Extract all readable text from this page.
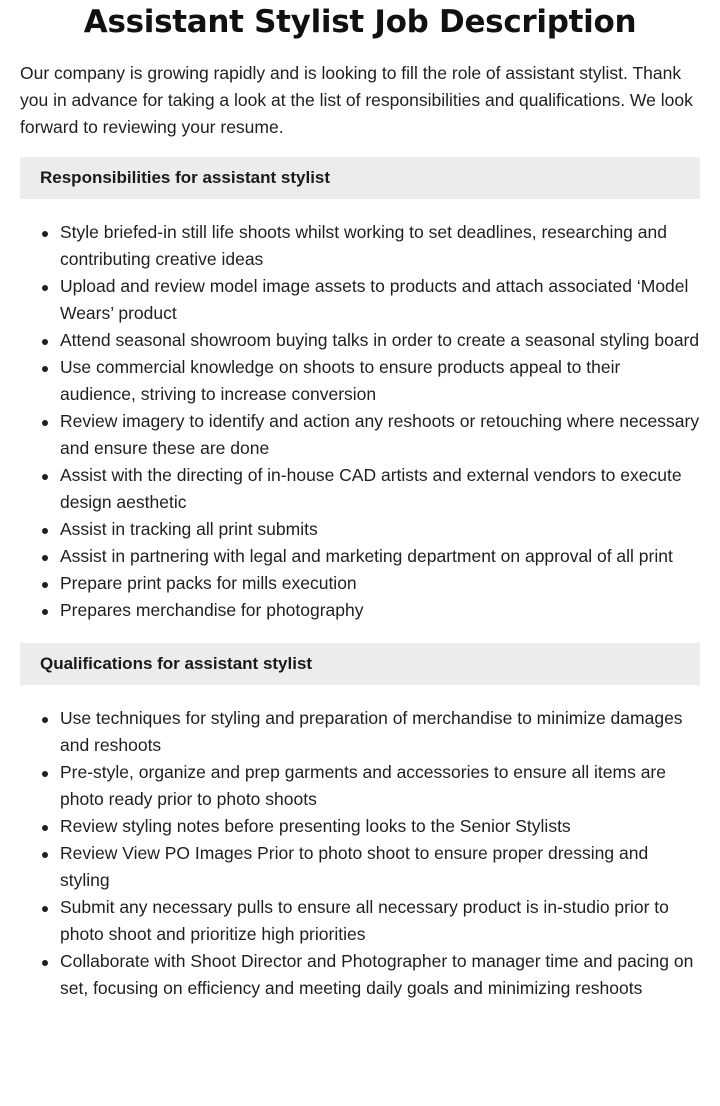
Assistant Stylist Job Description

Our company is growing rapidly and is looking to fill the role of assistant stylist. Thank you in advance for taking a look at the list of responsibilities and qualifications. We look forward to reviewing your resume.

Responsibilities for assistant stylist
Style briefed-in still life shoots whilst working to set deadlines, researching and contributing creative ideas
Upload and review model image assets to products and attach associated ‘Model Wears’ product
Attend seasonal showroom buying talks in order to create a seasonal styling board
Use commercial knowledge on shoots to ensure products appeal to their audience, striving to increase conversion
Review imagery to identify and action any reshoots or retouching where necessary and ensure these are done
Assist with the directing of in-house CAD artists and external vendors to execute design aesthetic
Assist in tracking all print submits
Assist in partnering with legal and marketing department on approval of all print
Prepare print packs for mills execution
Prepares merchandise for photography
Qualifications for assistant stylist
Use techniques for styling and preparation of merchandise to minimize damages and reshoots
Pre-style, organize and prep garments and accessories to ensure all items are photo ready prior to photo shoots
Review styling notes before presenting looks to the Senior Stylists
Review View PO Images Prior to photo shoot to ensure proper dressing and styling
Submit any necessary pulls to ensure all necessary product is in-studio prior to photo shoot and prioritize high priorities
Collaborate with Shoot Director and Photographer to manager time and pacing on set, focusing on efficiency and meeting daily goals and minimizing reshoots
